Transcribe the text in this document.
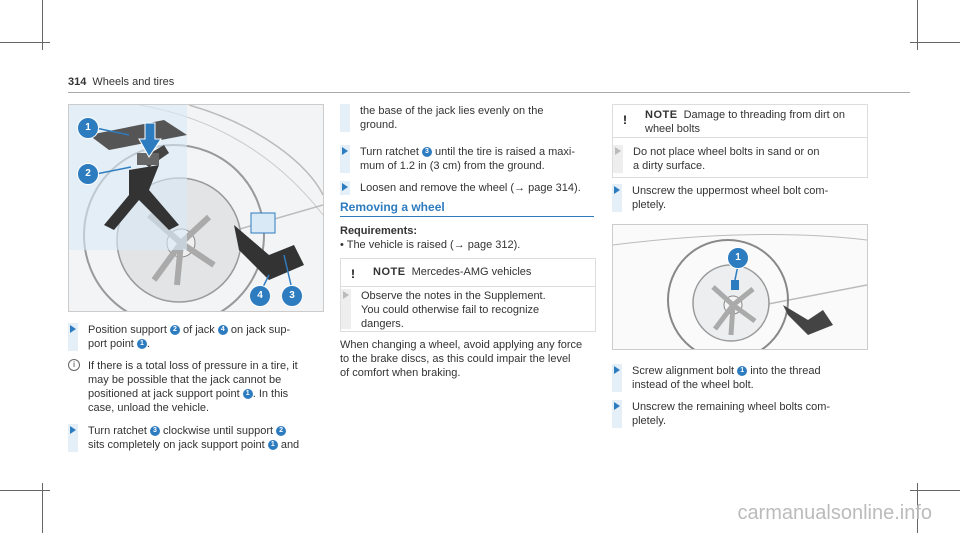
314 Wheels and tires
1
2
4	3
Position support 2 of jack 4 on jack sup-
port point 1 .
i	If there is a total loss of pressure in a tire, it
may be possible that the jack cannot be
positioned at jack support point 1 . In this
case, unload the vehicle.
Turn ratchet 3 clockwise until support 2
sits completely on jack support point 1 and
the base of the jack lies evenly on the
ground.
Turn ratchet 3 until the tire is raised a maxi-
mum of 1.2 in (3 cm) from the ground.
Loosen and remove the wheel (→ page 314).
Removing a wheel
Requirements:
• The vehicle is raised (→ page 312).
! NOTE Mercedes-AMG vehicles
Observe the notes in the Supplement.
You could otherwise fail to recognize
dangers.
When changing a wheel, avoid applying any force
to the brake discs, as this could impair the level
of comfort when braking.
! NOTE Damage to threading from dirt on
wheel bolts
Do not place wheel bolts in sand or on
a dirty surface.
Unscrew the uppermost wheel bolt com-
pletely.
1
Screw alignment bolt 1 into the thread
instead of the wheel bolt.
Unscrew the remaining wheel bolts com-
pletely.
carmanualsonline.info
